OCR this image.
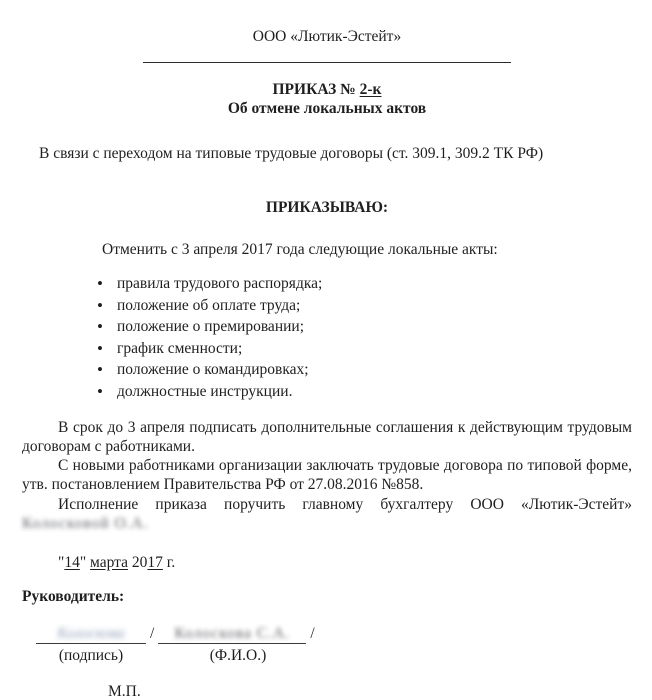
ООО «Лютик-Эстейт»
ПРИКАЗ № 2-к
Об отмене локальных актов

В связи с переходом на типовые трудовые договоры (ст. 309.1, 309.2 ТК РФ)

ПРИКАЗЫВАЮ:

Отменить с 3 апреля 2017 года следующие локальные акты:

• правила трудового распорядка;
• положение об оплате труда;
• положение о премировании;
• график сменности;
• положение о командировках;
• должностные инструкции.

В срок до 3 апреля подписать дополнительные соглашения к действующим трудовым договорам с работниками.

С новыми работниками организации заключать трудовые договора по типовой форме, утв. постановлением Правительства РФ от 27.08.2016 №858.

Исполнение приказа поручить главному бухгалтеру ООО «Лютик-Эстейт» Колосковой О.А.

"14" марта 2017 г.

Руководитель:
Колоскова / Колоскова С.А. /
(подпись)	(Ф.И.О.)
М.П.
